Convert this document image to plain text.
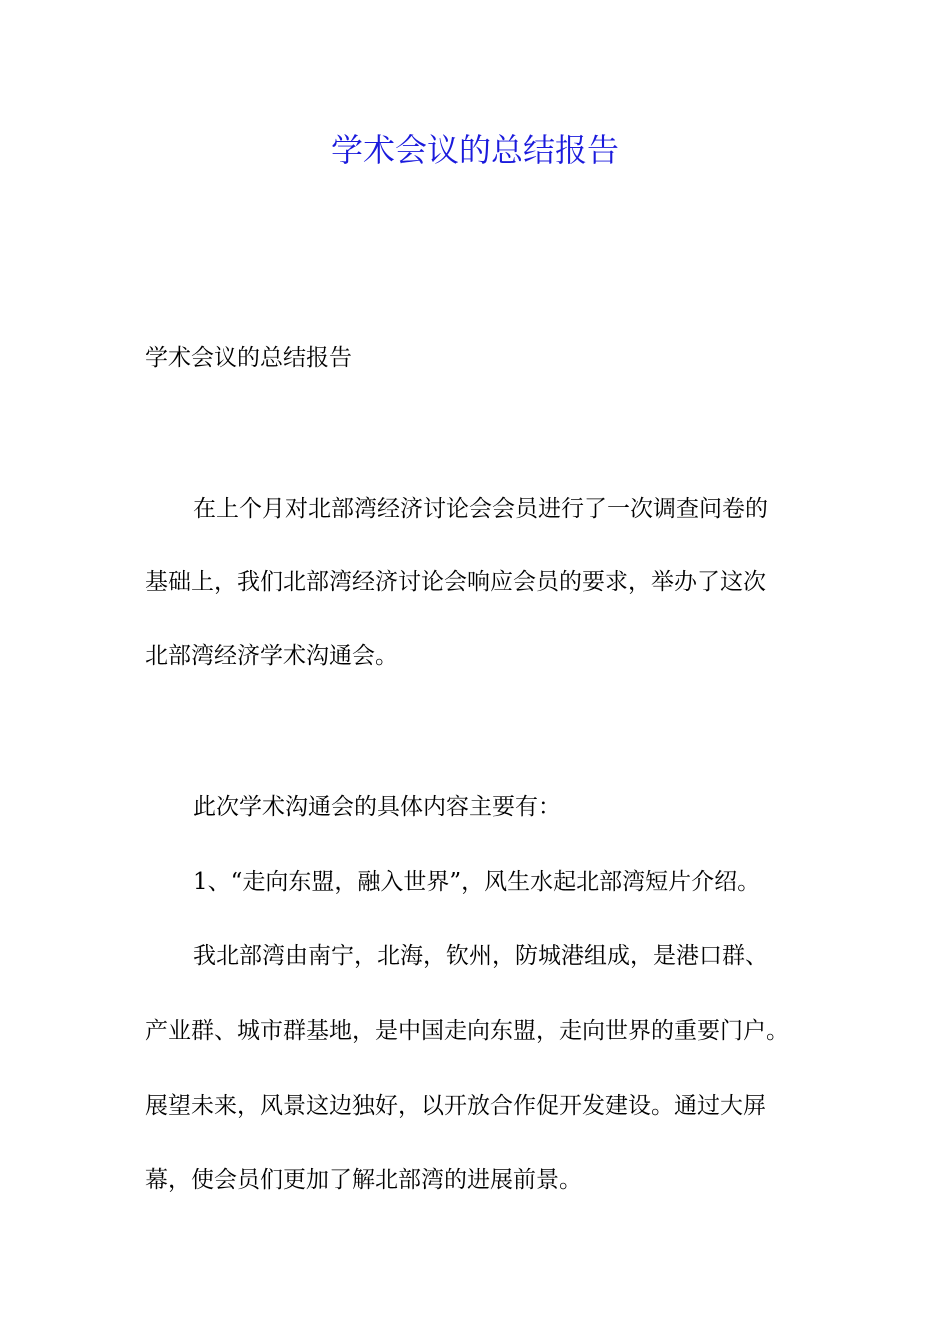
学术会议的总结报告

学术会议的总结报告

在上个月对北部湾经济讨论会会员进行了一次调查问卷的

基础上，我们北部湾经济讨论会响应会员的要求，举办了这次

北部湾经济学术沟通会。

此次学术沟通会的具体内容主要有：

1、“走向东盟，融入世界”，风生水起北部湾短片介绍。

我北部湾由南宁，北海，钦州，防城港组成，是港口群、

产业群、城市群基地，是中国走向东盟，走向世界的重要门户。

展望未来，风景这边独好，以开放合作促开发建设。通过大屏

幕，使会员们更加了解北部湾的进展前景。
